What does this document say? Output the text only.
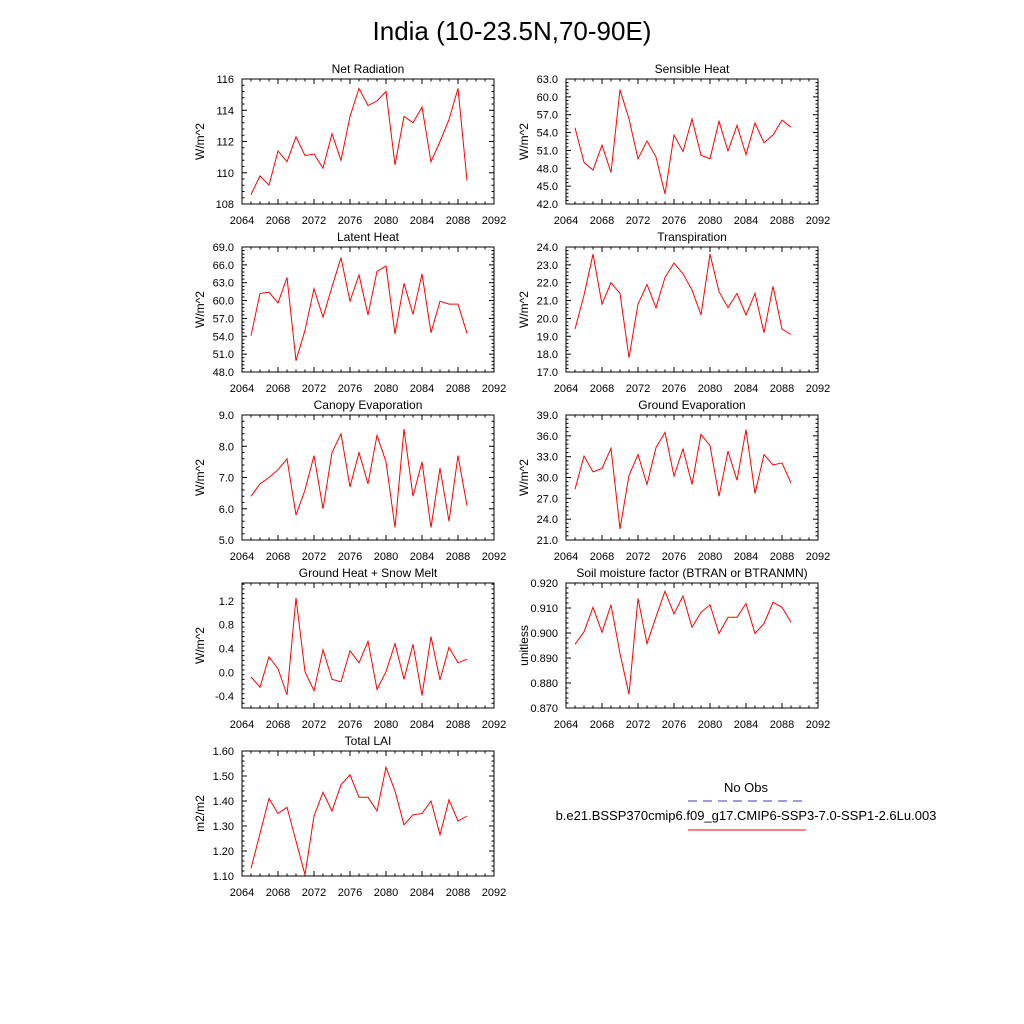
India (10-23.5N,70-90E)
Net Radiation
W/m^2
2064 2068 2072 2076 2080 2084 2088 2092
108
110
112
114
116
Sensible Heat
W/m^2
2064 2068 2072 2076 2080 2084 2088 2092
42.0
45.0
48.0
51.0
54.0
57.0
60.0
63.0
Latent Heat
W/m^2
2064 2068 2072 2076 2080 2084 2088 2092
48.0
51.0
54.0
57.0
60.0
63.0
66.0
69.0
Transpiration
W/m^2
2064 2068 2072 2076 2080 2084 2088 2092
17.0
18.0
19.0
20.0
21.0
22.0
23.0
24.0
Canopy Evaporation
W/m^2
2064 2068 2072 2076 2080 2084 2088 2092
5.0
6.0
7.0
8.0
9.0
Ground Evaporation
W/m^2
2064 2068 2072 2076 2080 2084 2088 2092
21.0
24.0
27.0
30.0
33.0
36.0
39.0
Ground Heat + Snow Melt
W/m^2
2064 2068 2072 2076 2080 2084 2088 2092
-0.4
0.0
0.4
0.8
1.2
Soil moisture factor (BTRAN or BTRANMN)
unitless
2064 2068 2072 2076 2080 2084 2088 2092
0.870
0.880
0.890
0.900
0.910
0.920
Total LAI
m2/m2
2064 2068 2072 2076 2080 2084 2088 2092
1.10
1.20
1.30
1.40
1.50
1.60
No Obs
b.e21.BSSP370cmip6.f09_g17.CMIP6-SSP3-7.0-SSP1-2.6Lu.003
